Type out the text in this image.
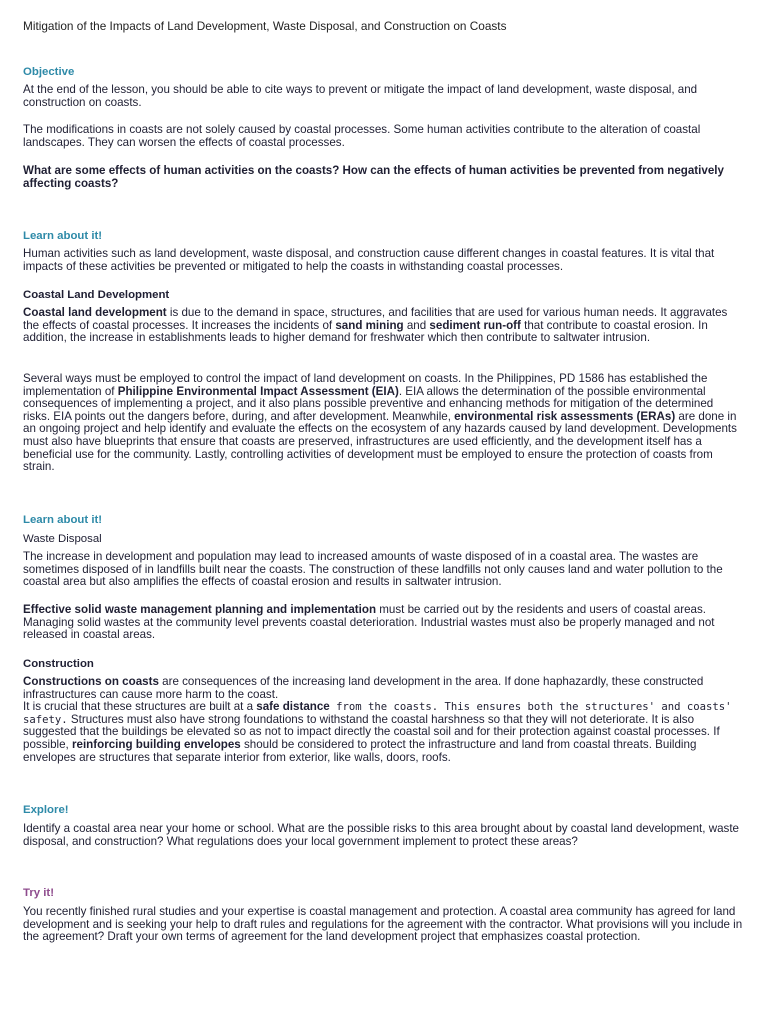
Mitigation of the Impacts of Land Development, Waste Disposal, and Construction on Coasts

Objective

At the end of the lesson, you should be able to cite ways to prevent or mitigate the impact of land development, waste disposal, and construction on coasts.

The modifications in coasts are not solely caused by coastal processes. Some human activities contribute to the alteration of coastal landscapes. They can worsen the effects of coastal processes.

What are some effects of human activities on the coasts? How can the effects of human activities be prevented from negatively affecting coasts?

Learn about it!

Human activities such as land development, waste disposal, and construction cause different changes in coastal features. It is vital that impacts of these activities be prevented or mitigated to help the coasts in withstanding coastal processes.

Coastal Land Development

Coastal land development is due to the demand in space, structures, and facilities that are used for various human needs. It aggravates the effects of coastal processes. It increases the incidents of sand mining and sediment run-off that contribute to coastal erosion. In addition, the increase in establishments leads to higher demand for freshwater which then contribute to saltwater intrusion.

Several ways must be employed to control the impact of land development on coasts. In the Philippines, PD 1586 has established the implementation of Philippine Environmental Impact Assessment (EIA). EIA allows the determination of the possible environmental consequences of implementing a project, and it also plans possible preventive and enhancing methods for mitigation of the determined risks. EIA points out the dangers before, during, and after development. Meanwhile, environmental risk assessments (ERAs) are done in an ongoing project and help identify and evaluate the effects on the ecosystem of any hazards caused by land development. Developments must also have blueprints that ensure that coasts are preserved, infrastructures are used efficiently, and the development itself has a beneficial use for the community. Lastly, controlling activities of development must be employed to ensure the protection of coasts from strain.

Learn about it!

Waste Disposal

The increase in development and population may lead to increased amounts of waste disposed of in a coastal area. The wastes are sometimes disposed of in landfills built near the coasts. The construction of these landfills not only causes land and water pollution to the coastal area but also amplifies the effects of coastal erosion and results in saltwater intrusion.

Effective solid waste management planning and implementation must be carried out by the residents and users of coastal areas. Managing solid wastes at the community level prevents coastal deterioration. Industrial wastes must also be properly managed and not released in coastal areas.

Construction

Constructions on coasts are consequences of the increasing land development in the area. If done haphazardly, these constructed infrastructures can cause more harm to the coast.
It is crucial that these structures are built at a safe distance from the coasts. This ensures both the structures' and coasts' safety. Structures must also have strong foundations to withstand the coastal harshness so that they will not deteriorate. It is also suggested that the buildings be elevated so as not to impact directly the coastal soil and for their protection against coastal processes. If possible, reinforcing building envelopes should be considered to protect the infrastructure and land from coastal threats. Building envelopes are structures that separate interior from exterior, like walls, doors, roofs.

Explore!

Identify a coastal area near your home or school. What are the possible risks to this area brought about by coastal land development, waste disposal, and construction? What regulations does your local government implement to protect these areas?

Try it!

You recently finished rural studies and your expertise is coastal management and protection. A coastal area community has agreed for land development and is seeking your help to draft rules and regulations for the agreement with the contractor. What provisions will you include in the agreement? Draft your own terms of agreement for the land development project that emphasizes coastal protection.
